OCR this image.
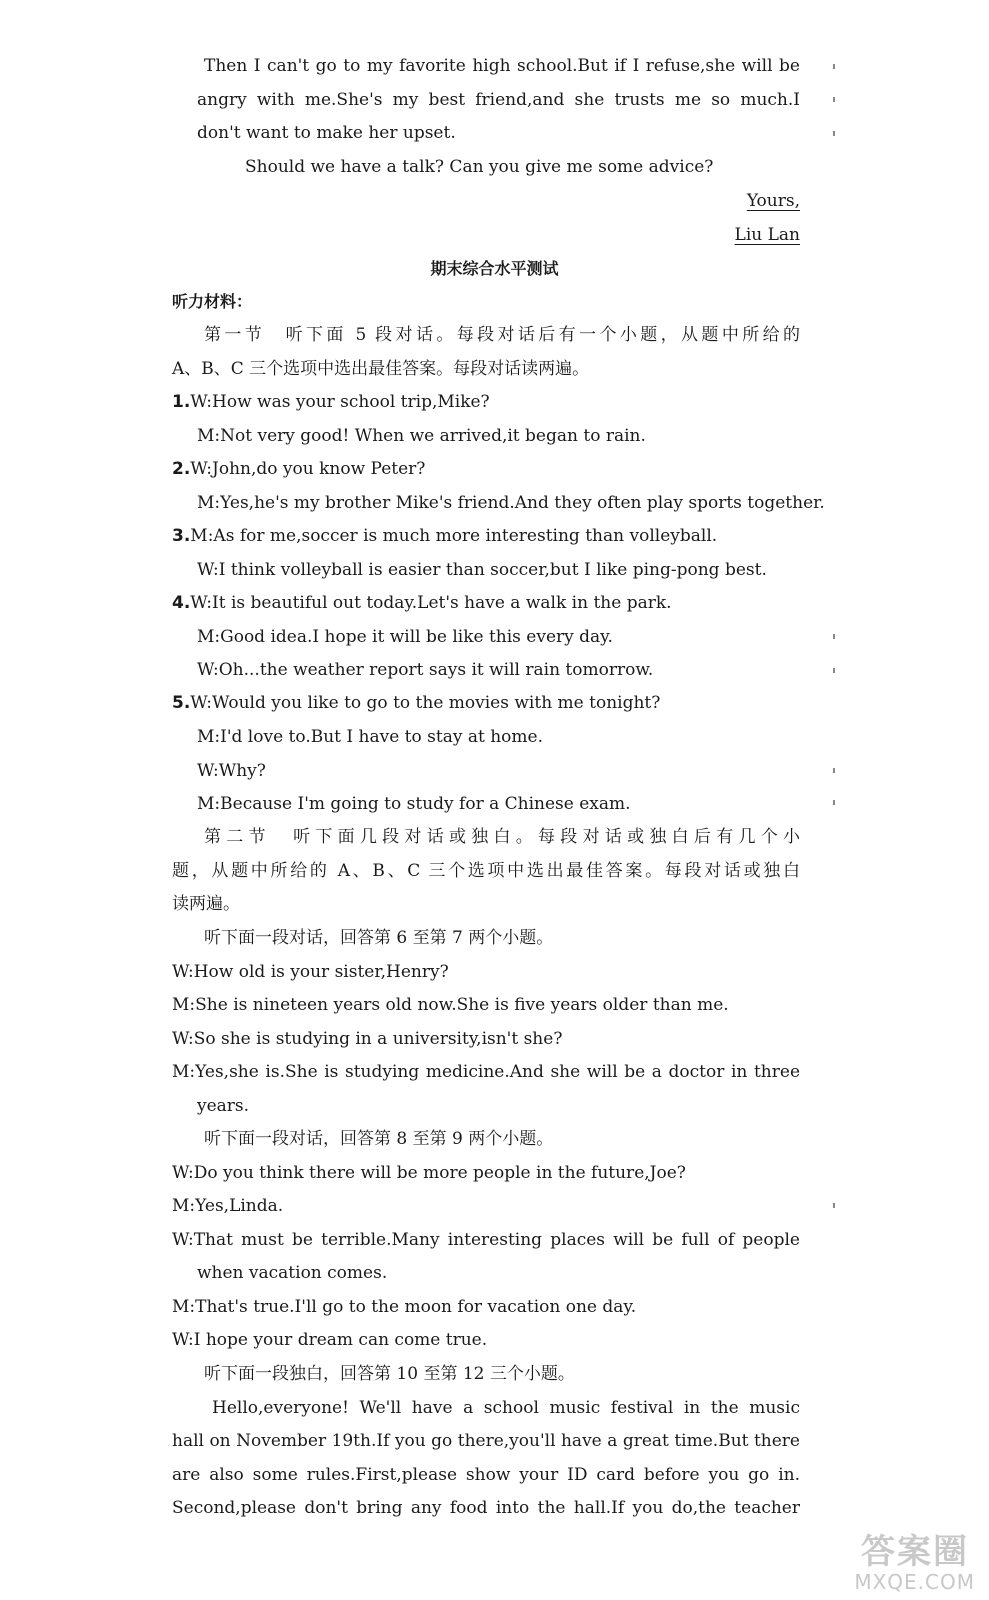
Then I can't go to my favorite high school.But if I refuse,she will be
angry with me.She's my best friend,and she trusts me so much.I
don't want to make her upset.
Should we have a talk? Can you give me some advice?
Yours,
Liu Lan
期末综合水平测试
听力材料：
第一节　听下面 5 段对话。每段对话后有一个小题，从题中所给的
A、B、C 三个选项中选出最佳答案。每段对话读两遍。
1.W:How was your school trip,Mike?
M:Not very good! When we arrived,it began to rain.
2.W:John,do you know Peter?
M:Yes,he's my brother Mike's friend.And they often play sports together.
3.M:As for me,soccer is much more interesting than volleyball.
W:I think volleyball is easier than soccer,but I like ping-pong best.
4.W:It is beautiful out today.Let's have a walk in the park.
M:Good idea.I hope it will be like this every day.
W:Oh...the weather report says it will rain tomorrow.
5.W:Would you like to go to the movies with me tonight?
M:I'd love to.But I have to stay at home.
W:Why?
M:Because I'm going to study for a Chinese exam.
第二节　听下面几段对话或独白。每段对话或独白后有几个小
题，从题中所给的 A、B、C 三个选项中选出最佳答案。每段对话或独白
读两遍。
听下面一段对话，回答第 6 至第 7 两个小题。
W:How old is your sister,Henry?
M:She is nineteen years old now.She is five years older than me.
W:So she is studying in a university,isn't she?
M:Yes,she is.She is studying medicine.And she will be a doctor in three
years.
听下面一段对话，回答第 8 至第 9 两个小题。
W:Do you think there will be more people in the future,Joe?
M:Yes,Linda.
W:That must be terrible.Many interesting places will be full of people
when vacation comes.
M:That's true.I'll go to the moon for vacation one day.
W:I hope your dream can come true.
听下面一段独白，回答第 10 至第 12 三个小题。
Hello,everyone! We'll have a school music festival in the music
hall on November 19th.If you go there,you'll have a great time.But there
are also some rules.First,please show your ID card before you go in.
Second,please don't bring any food into the hall.If you do,the teacher
答案圈
MXQE.COM
